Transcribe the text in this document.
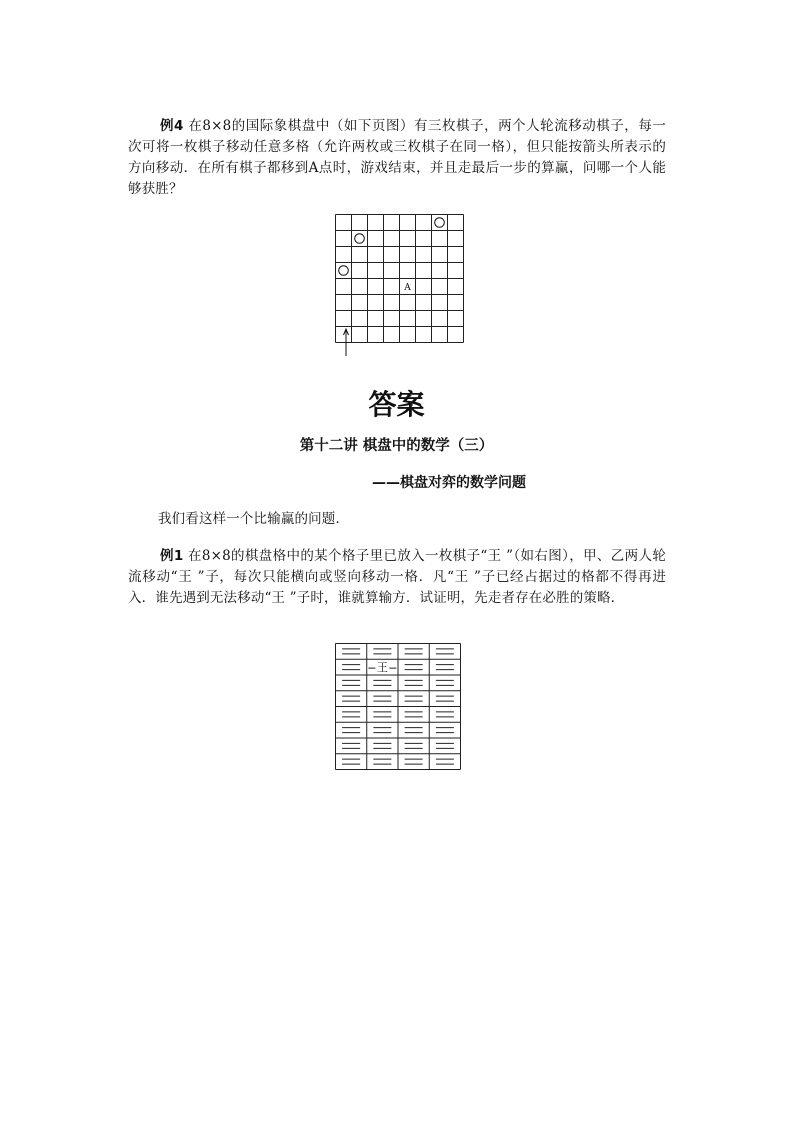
例4 在8×8的国际象棋盘中（如下页图）有三枚棋子，两个人轮流移动棋子，每一次可将一枚棋子移动任意多格（允许两枚或三枚棋子在同一格），但只能按箭头所表示的方向移动．在所有棋子都移到A点时，游戏结束，并且走最后一步的算赢，问哪一个人能够获胜？

A
答案
第十二讲 棋盘中的数学（三）
——棋盘对弈的数学问题

我们看这样一个比输赢的问题．

例1 在8×8的棋盘格中的某个格子里已放入一枚棋子“王 ”（如右图），甲、乙两人轮流移动“王 ”子，每次只能横向或竖向移动一格．凡“王 ”子已经占据过的格都不得再进入．谁先遇到无法移动“王 ”子时，谁就算输方．试证明，先走者存在必胜的策略．

王
